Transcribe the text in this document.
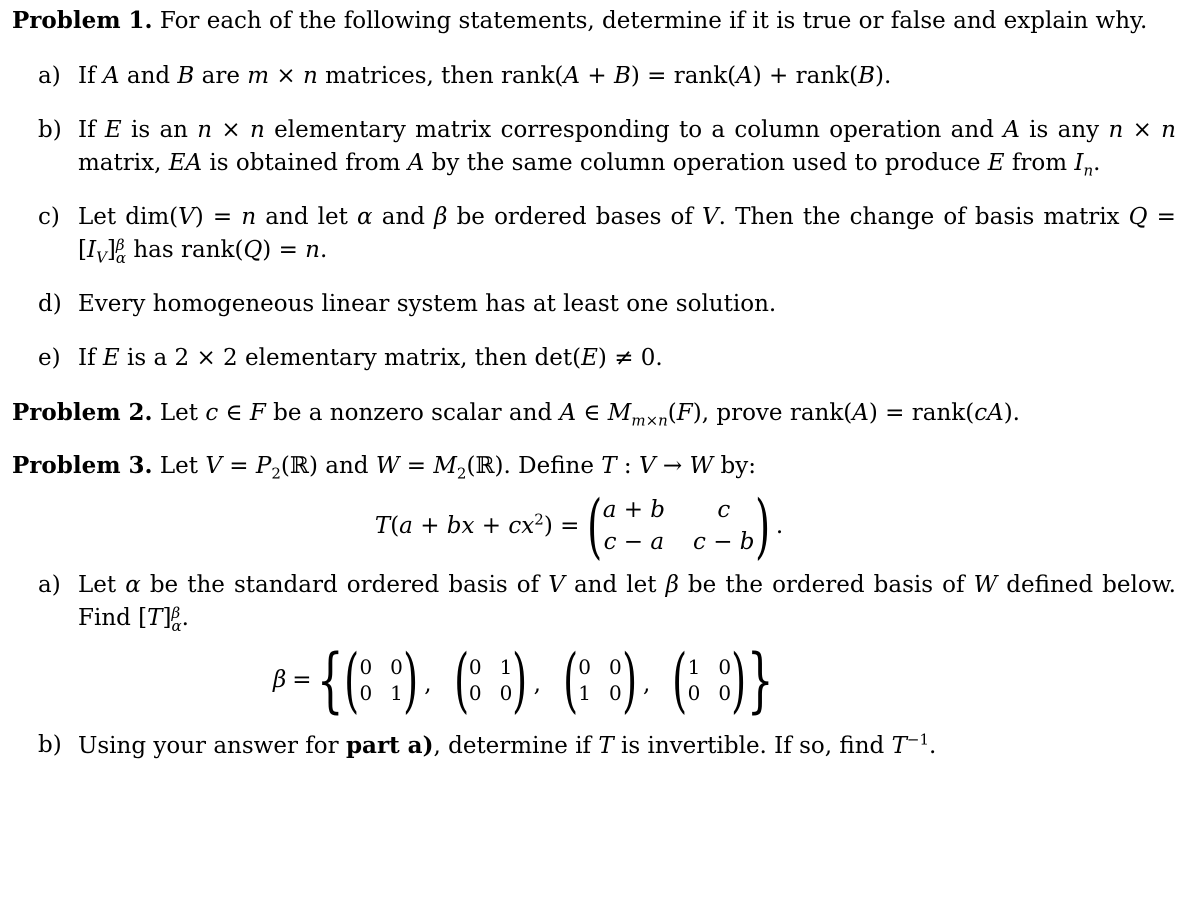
Problem 1. For each of the following statements, determine if it is true or false and explain why.

a) If A and B are m × n matrices, then rank(A + B) = rank(A) + rank(B).
b) If E is an n × n elementary matrix corresponding to a column operation and A is any n × n matrix, EA is obtained from A by the same column operation used to produce E from $I_n$.
c) Let dim(V) = n and let α and β be ordered bases of V. Then the change of basis matrix $Q = [I_V]$ β
α has rank(Q) = n.
d) Every homogeneous linear system has at least one solution.
e) If E is a 2 × 2 elementary matrix, then det(E) ≠ 0.

Problem 2. Let c ∈ F be a nonzero scalar and A ∈ $M_{m\times n}(F)$, prove rank(A) = rank(cA).

Problem 3. Let $V = P_2(ℝ)$ and $W = M_2(ℝ)$. Define T : V → W by:

T(a + bx + $cx^2$) = ( a + b	c
c − a c − b ) .
a) Let α be the standard ordered basis of V and let β be the ordered basis of W defined below. Find [T] β
α .
β = { ( 0 0
0 1 ) , ( 0 1
0 0 ) , ( 0 0
1 0 ) , ( 1 0
0 0 ) }
b) Using your answer for part a), determine if T is invertible. If so, find $T^{-1}$.
